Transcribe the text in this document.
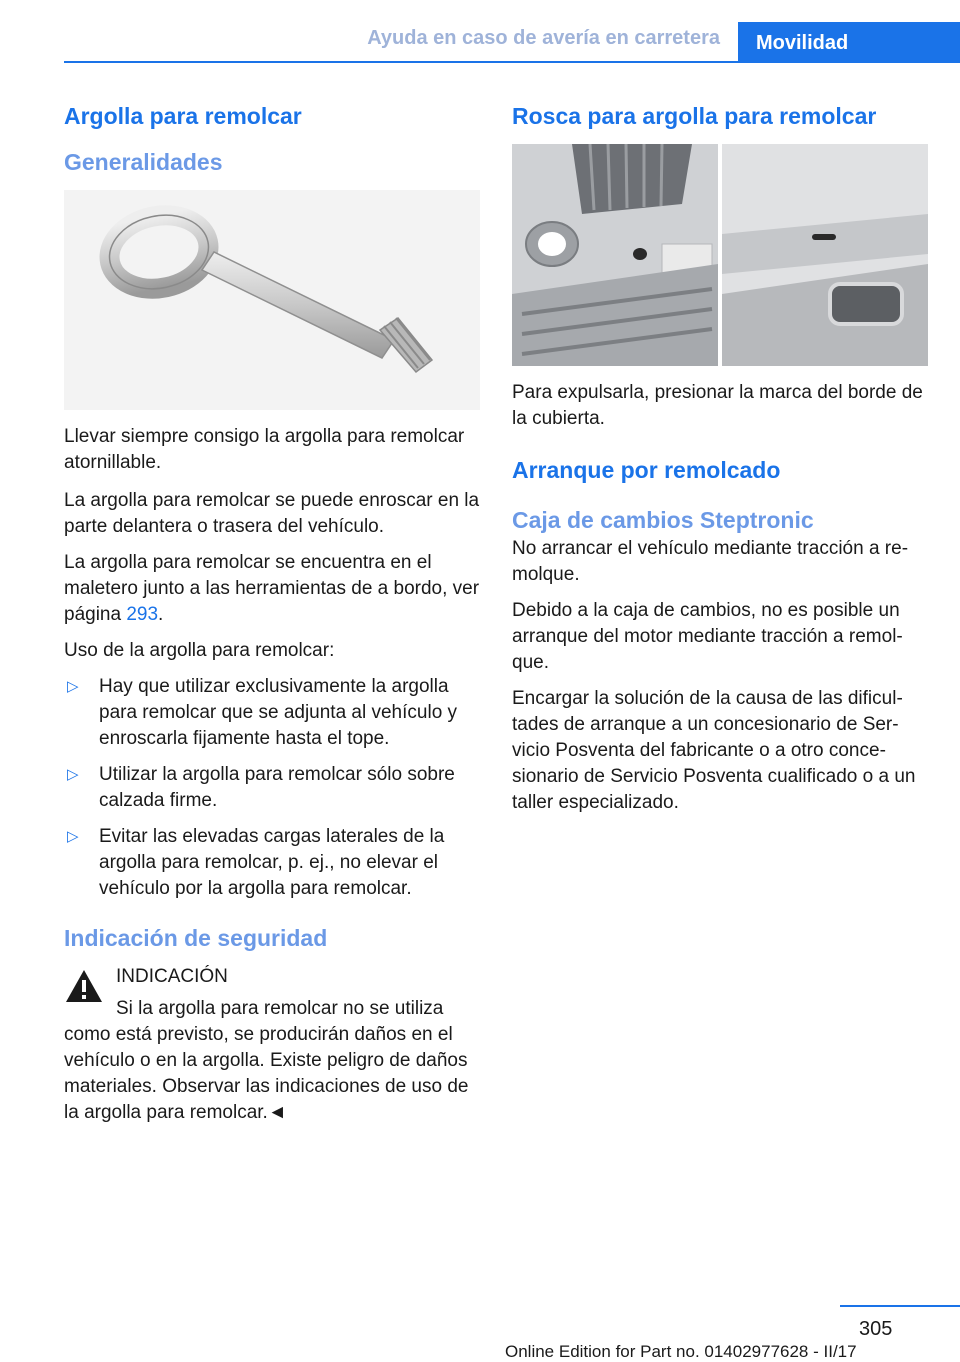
Ayuda en caso de avería en carretera	Movilidad
Argolla para remolcar
Generalidades

Llevar siempre consigo la argolla para remolcar atornillable.

La argolla para remolcar se puede enroscar en la parte delantera o trasera del vehículo.

La argolla para remolcar se encuentra en el maletero junto a las herramientas de a bordo, ver página 293.

Uso de la argolla para remolcar:

▷ Hay que utilizar exclusivamente la argolla para remolcar que se adjunta al vehículo y enroscarla fijamente hasta el tope.
▷ Utilizar la argolla para remolcar sólo sobre calzada firme.
▷ Evitar las elevadas cargas laterales de la argolla para remolcar, p. ej., no elevar el vehículo por la argolla para remolcar.
Indicación de seguridad
INDICACIÓN
Si la argolla para remolcar no se utiliza como está previsto, se producirán daños en el vehículo o en la argolla. Existe peligro de daños materiales. Observar las indicaciones de uso de la argolla para remolcar.◄
Rosca para argolla para remolcar

Para expulsarla, presionar la marca del borde de la cubierta.

Arranque por remolcado
Caja de cambios Steptronic

No arrancar el vehículo mediante tracción a remolque.

Debido a la caja de cambios, no es posible un arranque del motor mediante tracción a remolque.

Encargar la solución de la causa de las dificultades de arranque a un concesionario de Servicio Posventa del fabricante o a otro concesionario de Servicio Posventa cualificado o a un taller especializado.

305
Online Edition for Part no. 01402977628 - II/17
